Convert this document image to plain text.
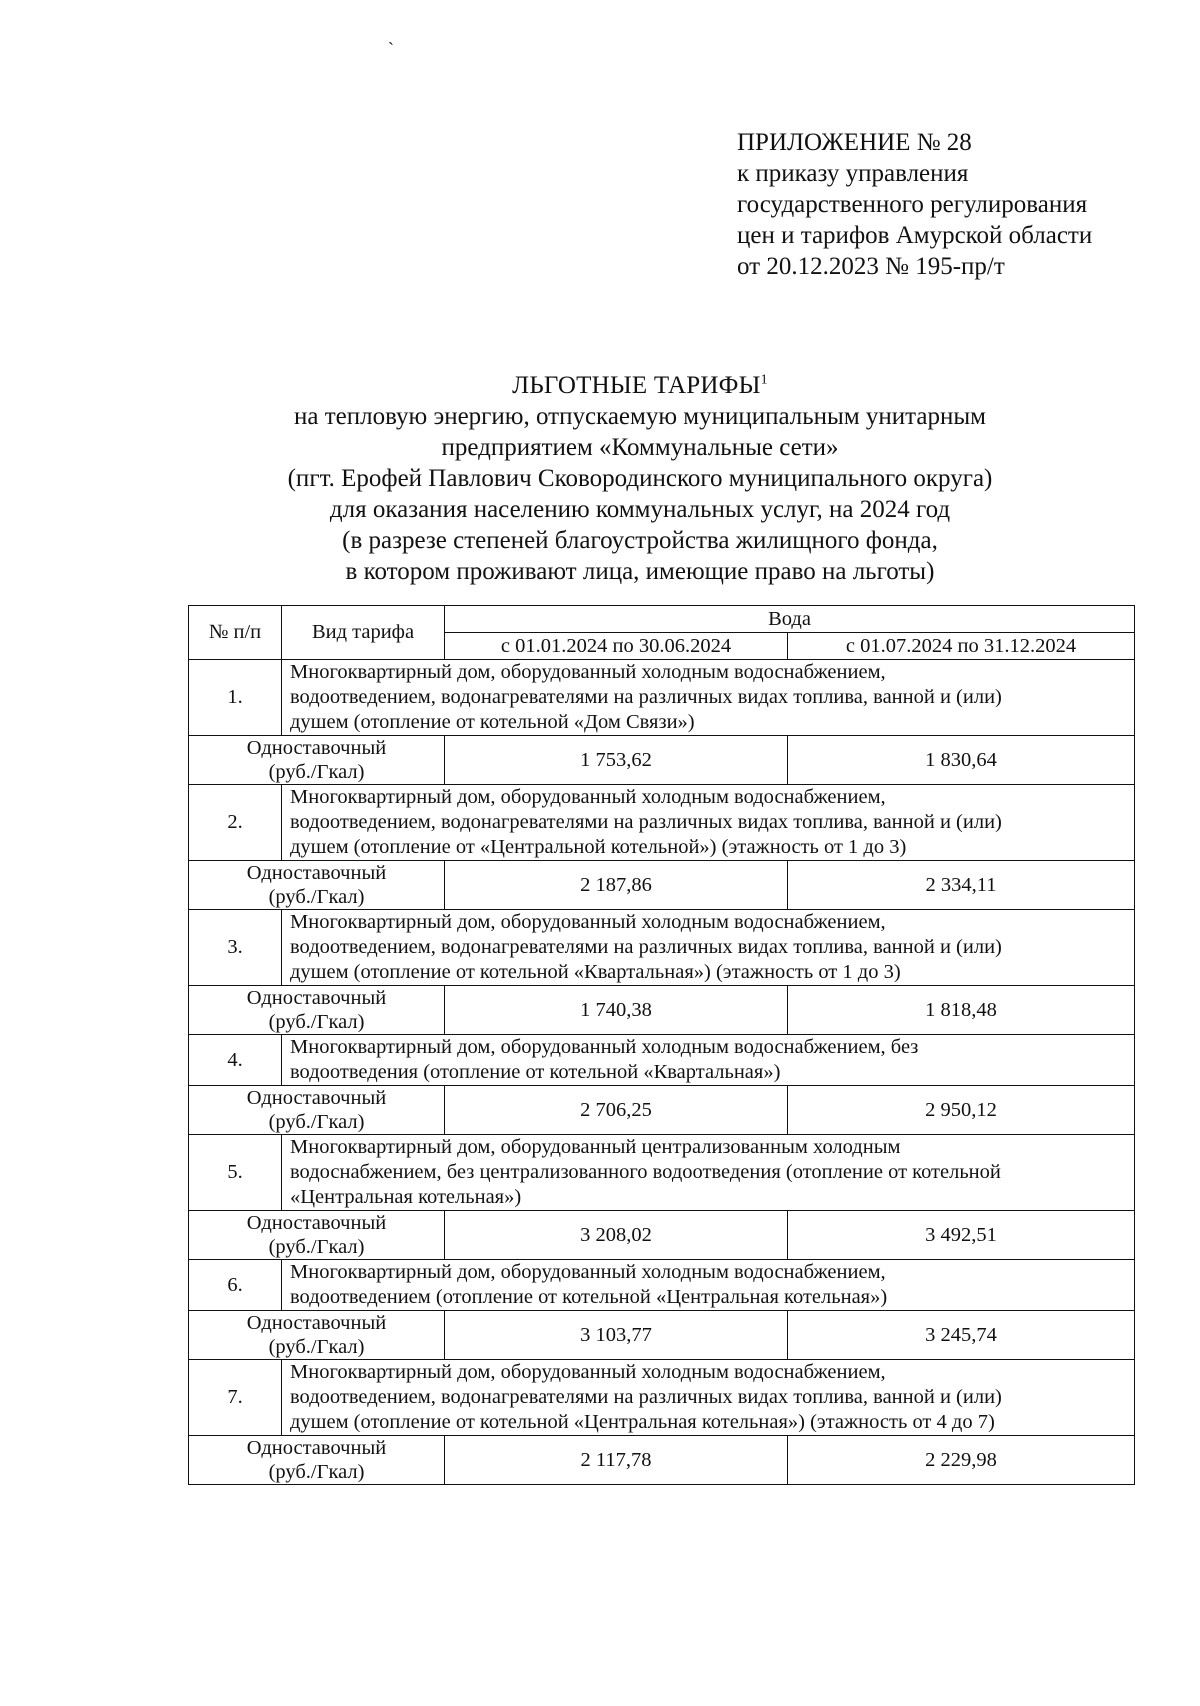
`
ПРИЛОЖЕНИЕ № 28
к приказу управления
государственного регулирования
цен и тарифов Амурской области
от 20.12.2023 № 195-пр/т
ЛЬГОТНЫЕ ТАРИФЫ$^1$
на тепловую энергию, отпускаемую муниципальным унитарным
предприятием «Коммунальные сети»
(пгт. Ерофей Павлович Сковородинского муниципального округа)
для оказания населению коммунальных услуг, на 2024 год
(в разрезе степеней благоустройства жилищного фонда,
в котором проживают лица, имеющие право на льготы)
№ п/п	Вид тарифа	Вода	
		с 01.01.2024 по 30.06.2024	с 01.07.2024 по 31.12.2024
1.	Многоквартирный дом, оборудованный холодным водоснабжением,
водоотведением, водонагревателями на различных видах топлива, ванной и (или)
душем (отопление от котельной «Дом Связи»)		

Одноставочный
(руб./Гкал)		1 753,62	1 830,64
2.	Многоквартирный дом, оборудованный холодным водоснабжением,
водоотведением, водонагревателями на различных видах топлива, ванной и (или)
душем (отопление от «Центральной котельной») (этажность от 1 до 3)		

Одноставочный
(руб./Гкал)		2 187,86	2 334,11
3.	Многоквартирный дом, оборудованный холодным водоснабжением,
водоотведением, водонагревателями на различных видах топлива, ванной и (или)
душем (отопление от котельной «Квартальная») (этажность от 1 до 3)		

Одноставочный
(руб./Гкал)		1 740,38	1 818,48
4.	Многоквартирный дом, оборудованный холодным водоснабжением, без
водоотведения (отопление от котельной «Квартальная»)		

Одноставочный
(руб./Гкал)		2 706,25	2 950,12
5.	Многоквартирный дом, оборудованный централизованным холодным
водоснабжением, без централизованного водоотведения (отопление от котельной
«Центральная котельная»)		

Одноставочный
(руб./Гкал)		3 208,02	3 492,51
6.	Многоквартирный дом, оборудованный холодным водоснабжением,
водоотведением (отопление от котельной «Центральная котельная»)		

Одноставочный
(руб./Гкал)		3 103,77	3 245,74
7.	Многоквартирный дом, оборудованный холодным водоснабжением,
водоотведением, водонагревателями на различных видах топлива, ванной и (или)
душем (отопление от котельной «Центральная котельная») (этажность от 4 до 7)		

Одноставочный
(руб./Гкал)		2 117,78	2 229,98
